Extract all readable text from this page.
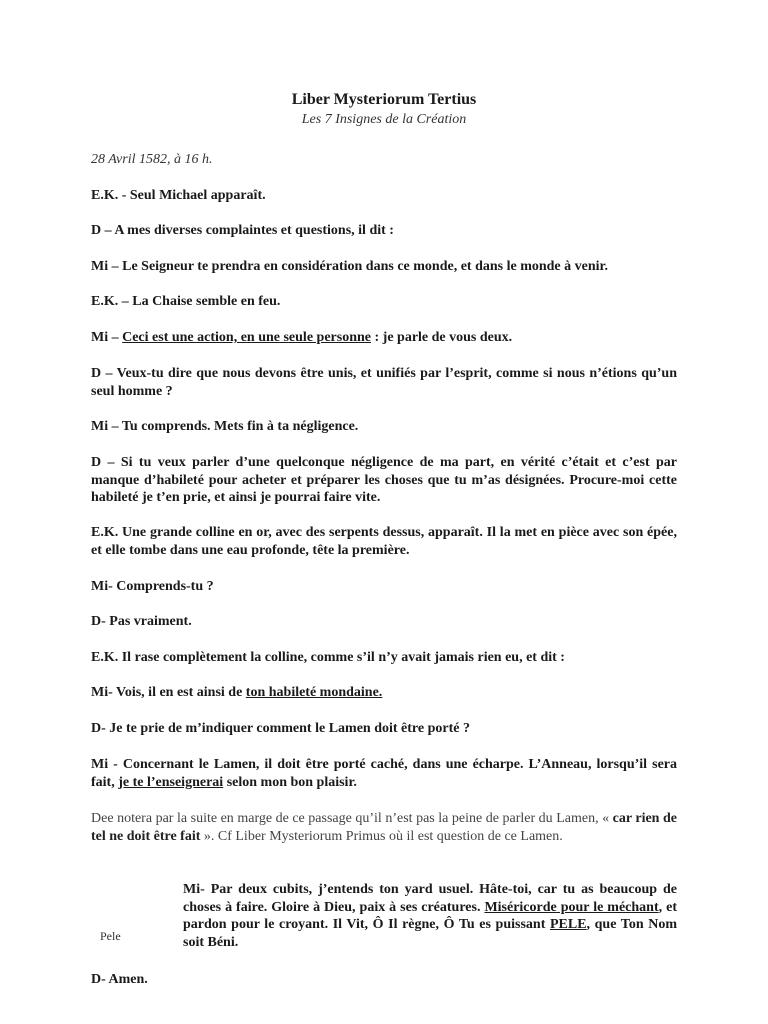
Liber Mysteriorum Tertius
Les 7 Insignes de la Création

28 Avril 1582, à 16 h.

E.K. - Seul Michael apparaît.

D – A mes diverses complaintes et questions, il dit :

Mi – Le Seigneur te prendra en considération dans ce monde, et dans le monde à venir.

E.K. – La Chaise semble en feu.

Mi – Ceci est une action, en une seule personne : je parle de vous deux.

D – Veux-tu dire que nous devons être unis, et unifiés par l’esprit, comme si nous n’étions qu’un seul homme ?

Mi – Tu comprends. Mets fin à ta négligence.

D – Si tu veux parler d’une quelconque négligence de ma part, en vérité c’était et c’est par manque d’habileté pour acheter et préparer les choses que tu m’as désignées. Procure-moi cette habileté je t’en prie, et ainsi je pourrai faire vite.

E.K. Une grande colline en or, avec des serpents dessus, apparaît. Il la met en pièce avec son épée, et elle tombe dans une eau profonde, tête la première.

Mi- Comprends-tu ?

D- Pas vraiment.

E.K. Il rase complètement la colline, comme s’il n’y avait jamais rien eu, et dit :

Mi- Vois, il en est ainsi de ton habileté mondaine.

D- Je te prie de m’indiquer comment le Lamen doit être porté ?

Mi - Concernant le Lamen, il doit être porté caché, dans une écharpe. L’Anneau, lorsqu’il sera fait, je te l’enseignerai selon mon bon plaisir.

Dee notera par la suite en marge de ce passage qu’il n’est pas la peine de parler du Lamen, « car rien de tel ne doit être fait ». Cf Liber Mysteriorum Primus où il est question de ce Lamen.

Pele

Mi- Par deux cubits, j’entends ton yard usuel. Hâte-toi, car tu as beaucoup de choses à faire. Gloire à Dieu, paix à ses créatures. Miséricorde pour le méchant, et pardon pour le croyant. Il Vit, Ô Il règne, Ô Tu es puissant PELE, que Ton Nom soit Béni.

D- Amen.
